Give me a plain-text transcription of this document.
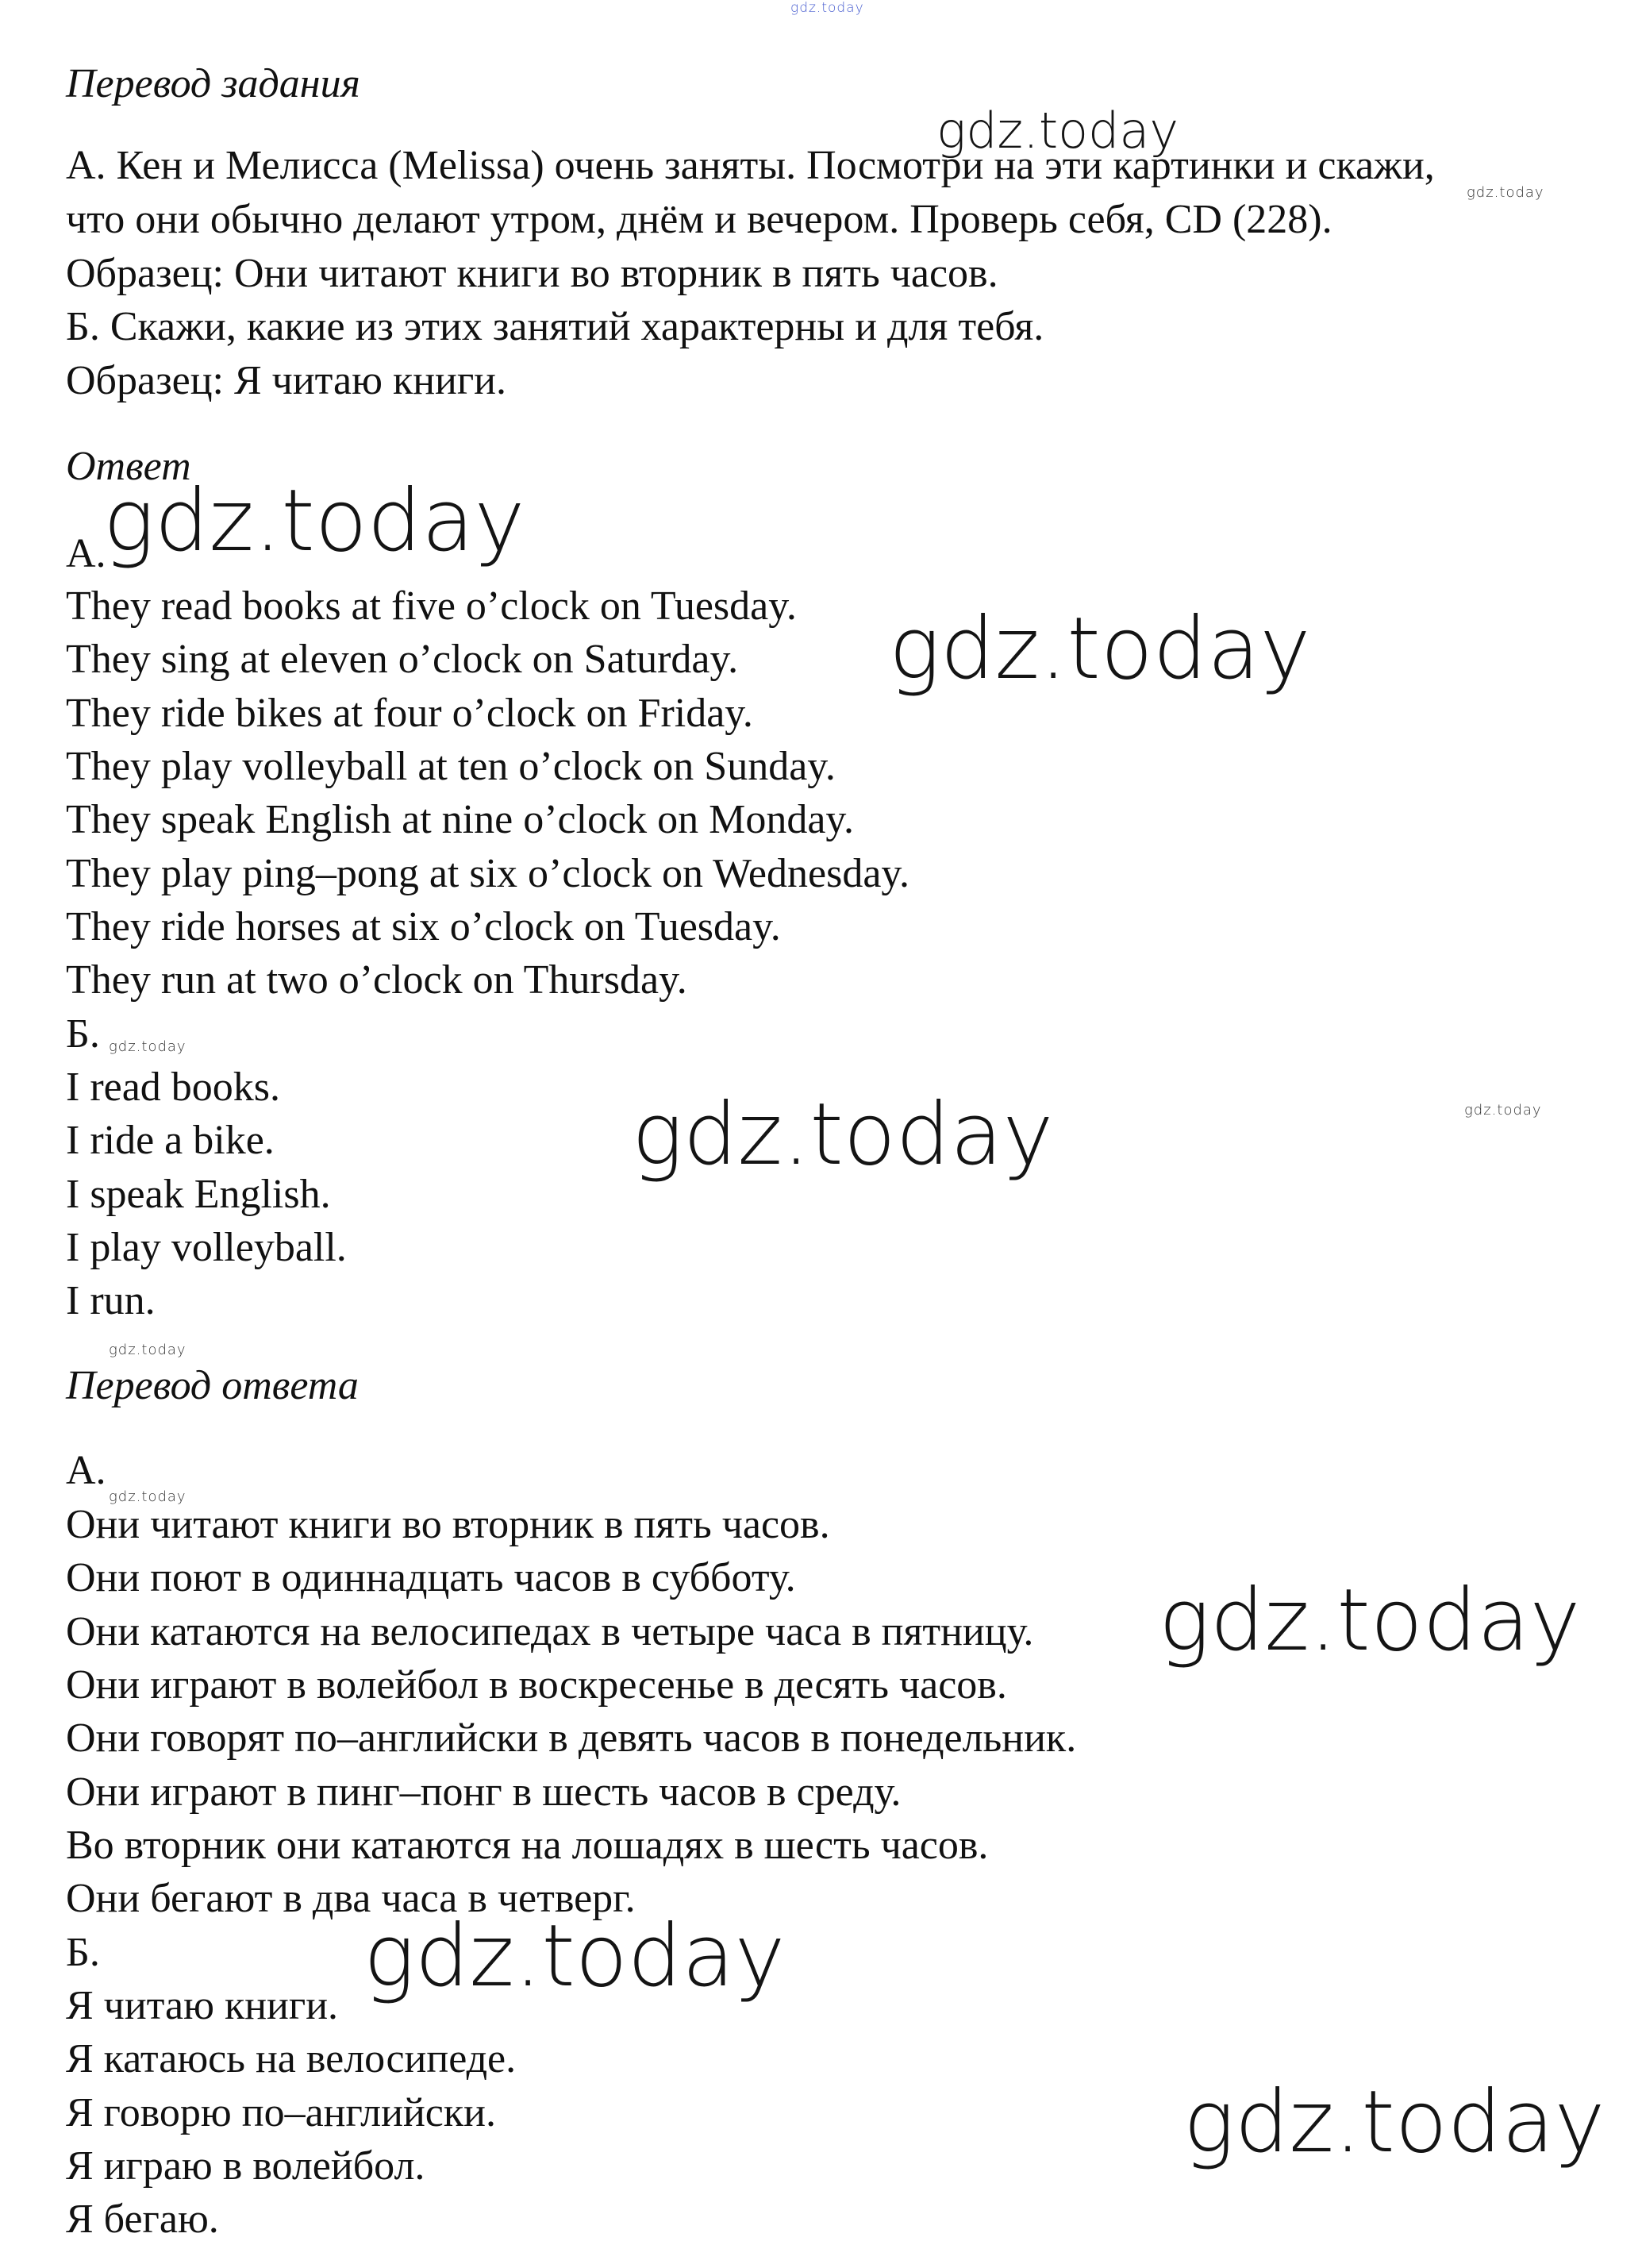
gdz.today
Перевод задания
А. Кен и Мелисса (Melissa) очень заняты. Посмотри на эти картинки и скажи,
что они обычно делают утром, днём и вечером. Проверь себя, CD (228).
Образец: Они читают книги во вторник в пять часов.
Б. Скажи, какие из этих занятий характерны и для тебя.
Образец: Я читаю книги.
Ответ
А.
They read books at five o’clock on Tuesday.
They sing at eleven o’clock on Saturday.
They ride bikes at four o’clock on Friday.
They play volleyball at ten o’clock on Sunday.
They speak English at nine o’clock on Monday.
They play ping–pong at six o’clock on Wednesday.
They ride horses at six o’clock on Tuesday.
They run at two o’clock on Thursday.
Б.
I read books.
I ride a bike.
I speak English.
I play volleyball.
I run.
Перевод ответа
А.
Они читают книги во вторник в пять часов.
Они поют в одиннадцать часов в субботу.
Они катаются на велосипедах в четыре часа в пятницу.
Они играют в волейбол в воскресенье в десять часов.
Они говорят по–английски в девять часов в понедельник.
Они играют в пинг–понг в шесть часов в среду.
Во вторник они катаются на лошадях в шесть часов.
Они бегают в два часа в четверг.
Б.
Я читаю книги.
Я катаюсь на велосипеде.
Я говорю по–английски.
Я играю в волейбол.
Я бегаю.
gdz.today
gdz.today
gdz.today
gdz.today
gdz.today
gdz.today
gdz.today
gdz.today
gdz.today
gdz.today
gdz.today
gdz.today
